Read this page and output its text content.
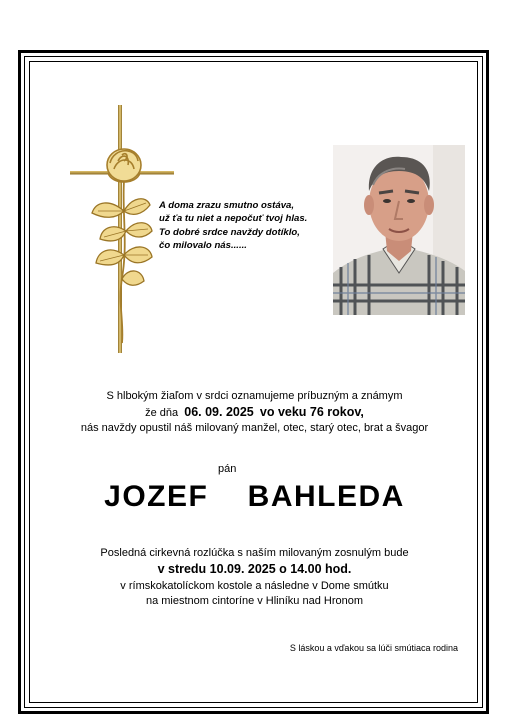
A doma zrazu smutno ostáva,
už ťa tu niet a nepočuť tvoj hlas.
To dobré srdce navždy dotíklo,
čo milovalo nás......
S hlbokým žiaľom v srdci oznamujeme príbuzným a známym
že dňa 06. 09. 2025 vo veku 76 rokov,
nás navždy opustil náš milovaný manžel, otec, starý otec, brat a švagor
pán
JOZEF BAHLEDA
Posledná cirkevná rozlúčka s naším milovaným zosnulým bude
v stredu 10.09. 2025 o 14.00 hod.
v rímskokatolíckom kostole a následne v Dome smútku
na miestnom cintoríne v Hliníku nad Hronom
S láskou a vďakou sa lúči smútiaca rodina
